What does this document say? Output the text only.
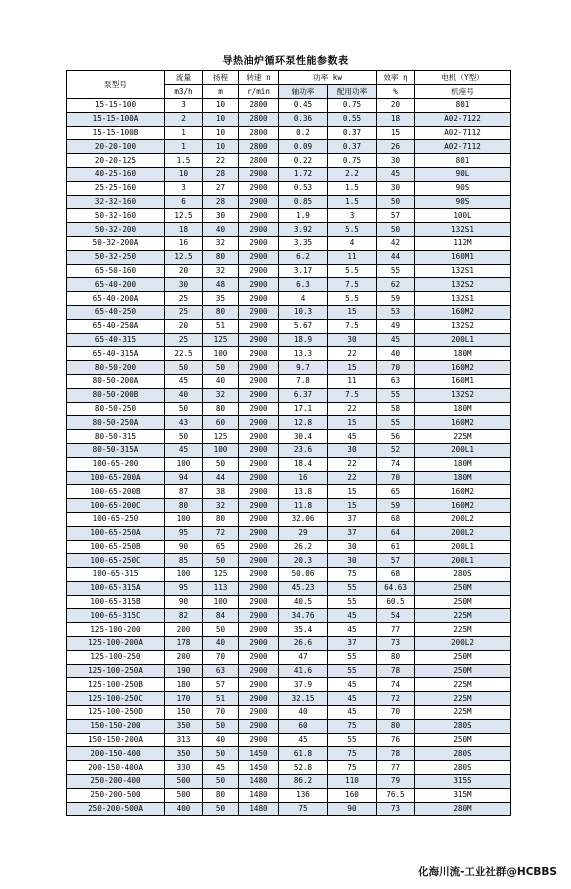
导热油炉循环泵性能参数表
泵型号	流量	扬程	转速 n	功率 kw		效率 η	电机（Y型）
	m3/h	m	r/min	轴功率	配用功率	%	机座号
15-15-100	3	10	2800	0.45	0.75	20	801
15-15-100A	2	10	2800	0.36	0.55	18	A02-7122
15-15-100B	1	10	2800	0.2	0.37	15	A02-7112
20-20-100	1	10	2800	0.09	0.37	26	A02-7112
20-20-125	1.5	22	2800	0.22	0.75	30	801
40-25-160	10	28	2900	1.72	2.2	45	90L
25-25-160	3	27	2900	0.53	1.5	30	90S
32-32-160	6	28	2900	0.85	1.5	50	90S
50-32-160	12.5	30	2900	1.9	3	57	100L
50-32-200	18	40	2900	3.92	5.5	50	132S1
50-32-200A	16	32	2900	3.35	4	42	112M
50-32-250	12.5	80	2900	6.2	11	44	160M1
65-50-160	20	32	2900	3.17	5.5	55	132S1
65-40-200	30	48	2900	6.3	7.5	62	132S2
65-40-200A	25	35	2900	4	5.5	59	132S1
65-40-250	25	80	2900	10.3	15	53	160M2
65-40-250A	20	51	2900	5.67	7.5	49	132S2
65-40-315	25	125	2900	18.9	30	45	200L1
65-40-315A	22.5	100	2900	13.3	22	40	180M
80-50-200	50	50	2900	9.7	15	70	160M2
80-50-200A	45	40	2900	7.8	11	63	160M1
80-50-200B	40	32	2900	6.37	7.5	55	132S2
80-50-250	50	80	2900	17.1	22	58	180M
80-50-250A	43	60	2900	12.8	15	55	160M2
80-50-315	50	125	2900	30.4	45	56	225M
80-50-315A	45	100	2900	23.6	30	52	200L1
100-65-200	100	50	2900	18.4	22	74	180M
100-65-200A	94	44	2900	16	22	70	180M
100-65-200B	87	38	2900	13.8	15	65	160M2
100-65-200C	80	32	2900	11.8	15	59	160M2
100-65-250	100	80	2900	32.06	37	68	200L2
100-65-250A	95	72	2900	29	37	64	200L2
100-65-250B	90	65	2900	26.2	30	61	200L1
100-65-250C	85	50	2900	20.3	30	57	200L1
100-65-315	100	125	2900	50.06	75	68	280S
100-65-315A	95	113	2900	45.23	55	64.63	250M
100-65-315B	90	100	2900	40.5	55	60.5	250M
100-65-315C	82	84	2900	34.76	45	54	225M
125-100-200	200	50	2900	35.4	45	77	225M
125-100-200A	178	40	2900	26.6	37	73	200L2
125-100-250	200	70	2900	47	55	80	250M
125-100-250A	190	63	2900	41.6	55	78	250M
125-100-250B	180	57	2900	37.9	45	74	225M
125-100-250C	170	51	2900	32.15	45	72	225M
125-100-250D	150	70	2900	40	45	70	225M
150-150-200	350	50	2900	60	75	80	280S
150-150-200A	313	40	2900	45	55	76	250M
200-150-400	350	50	1450	61.8	75	78	280S
200-150-400A	330	45	1450	52.8	75	77	280S
250-200-400	500	50	1480	86.2	110	79	315S
250-200-500	500	80	1480	136	160	76.5	315M
250-200-500A	400	50	1480	75	90	73	280M
化海川流-工业社群@HCBBS
